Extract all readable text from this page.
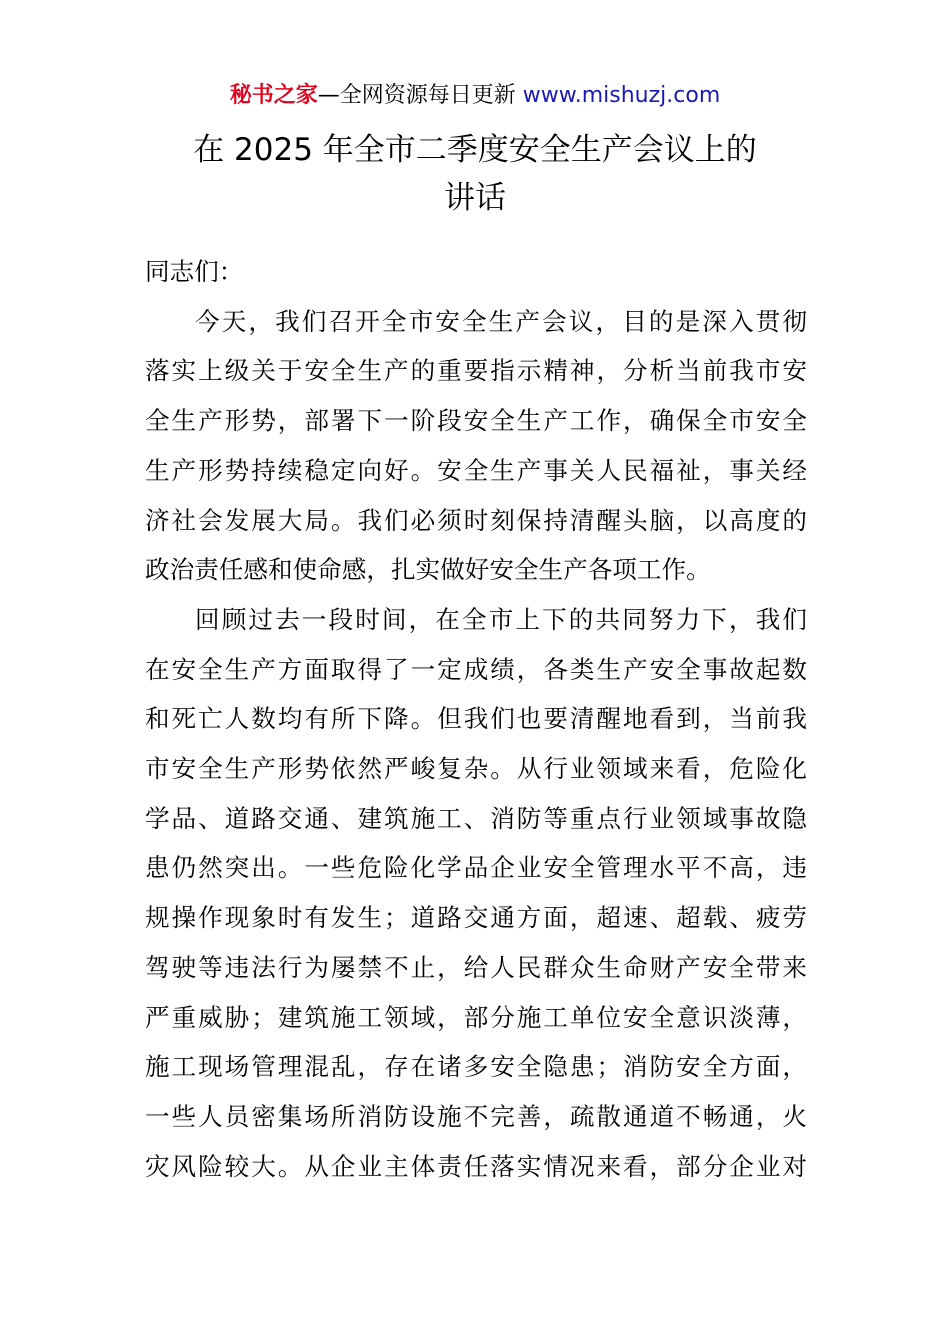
秘书之家—全网资源每日更新 www.mishuzj.com
在 2025 年全市二季度安全生产会议上的
讲话

同志们：

今天，我们召开全市安全生产会议，目的是深入贯彻
落实上级关于安全生产的重要指示精神，分析当前我市安
全生产形势，部署下一阶段安全生产工作，确保全市安全
生产形势持续稳定向好。安全生产事关人民福祉，事关经
济社会发展大局。我们必须时刻保持清醒头脑，以高度的
政治责任感和使命感，扎实做好安全生产各项工作。

回顾过去一段时间，在全市上下的共同努力下，我们
在安全生产方面取得了一定成绩，各类生产安全事故起数
和死亡人数均有所下降。但我们也要清醒地看到，当前我
市安全生产形势依然严峻复杂。从行业领域来看，危险化
学品、道路交通、建筑施工、消防等重点行业领域事故隐
患仍然突出。一些危险化学品企业安全管理水平不高，违
规操作现象时有发生；道路交通方面，超速、超载、疲劳
驾驶等违法行为屡禁不止，给人民群众生命财产安全带来
严重威胁；建筑施工领域，部分施工单位安全意识淡薄，
施工现场管理混乱，存在诸多安全隐患；消防安全方面，
一些人员密集场所消防设施不完善，疏散通道不畅通，火
灾风险较大。从企业主体责任落实情况来看，部分企业对
